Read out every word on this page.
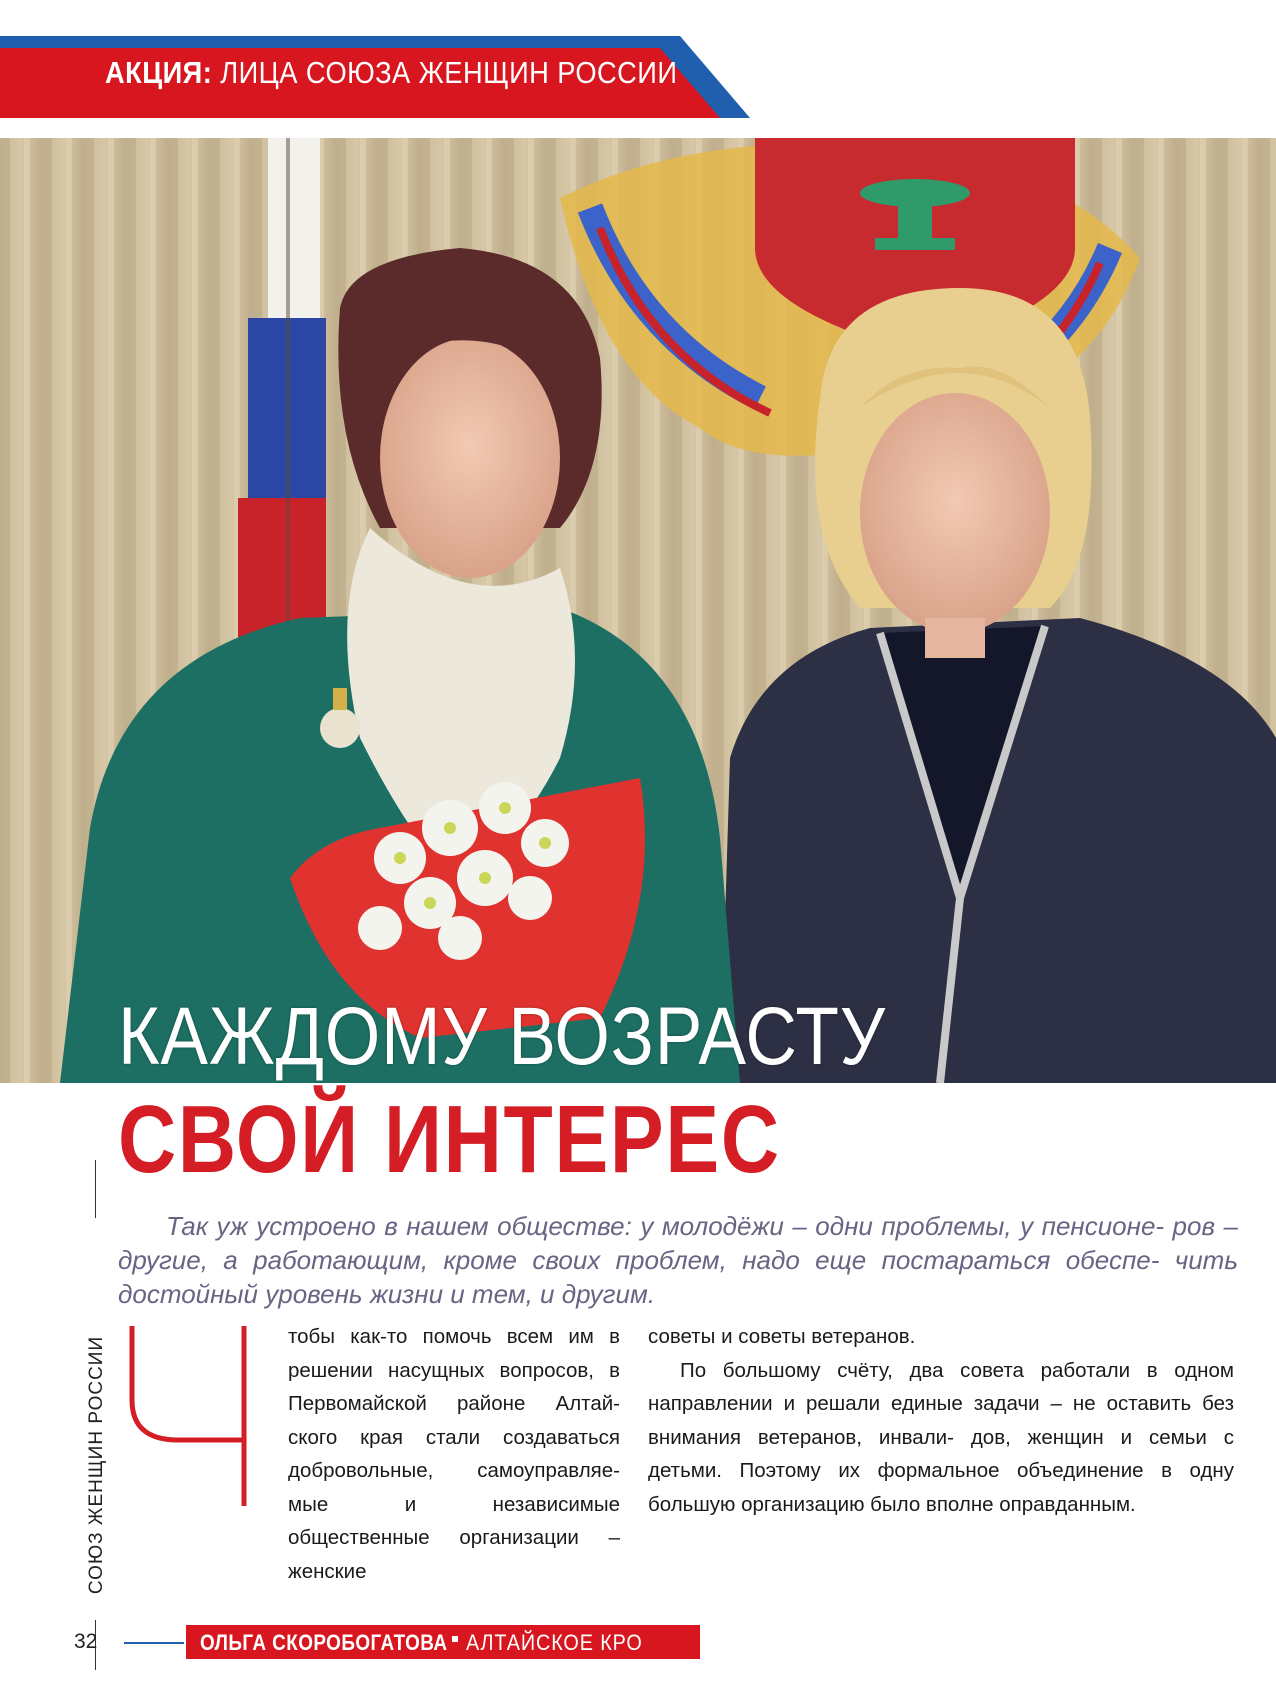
АКЦИЯ: ЛИЦА СОЮЗА ЖЕНЩИН РОССИИ
КАЖДОМУ ВОЗРАСТУ
СВОЙ ИНТЕРЕС
СОЮЗ ЖЕНЩИН РОССИИ

Так уж устроено в нашем обществе: у молодёжи – одни проблемы, у пенсионе- ров – другие, а работающим, кроме своих проблем, надо еще постараться обеспе- чить достойный уровень жизни и тем, и другим.

Ч

тобы как-то помочь всем им в решении насущных вопросов, в Первомайской районе Алтай- ского края стали создаваться добровольные, самоуправляе- мые и независимые общественные организации – женские

советы и советы ветеранов.

По большому счёту, два совета работали в одном направлении и решали единые задачи – не оставить без внимания ветеранов, инвали- дов, женщин и семьи с детьми. Поэтому их формальное объединение в одну большую организацию было вполне оправданным.

32	ОЛЬГА СКОРОБОГАТОВА АЛТАЙСКОЕ КРО
